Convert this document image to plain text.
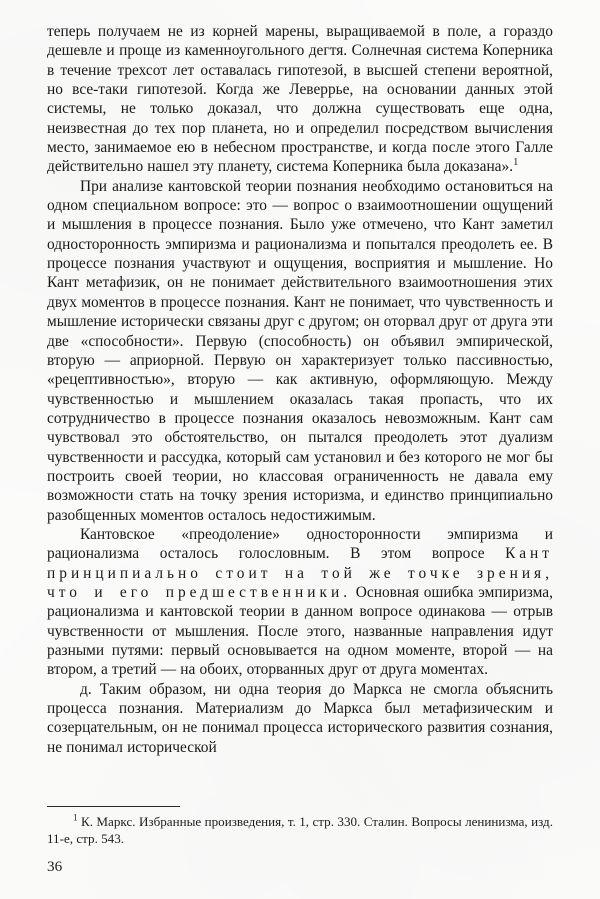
теперь получаем не из корней марены, выращиваемой в поле, а гораздо дешевле и проще из каменноугольного дегтя. Солнечная система Коперника в течение трехсот лет оставалась гипотезой, в высшей степени вероятной, но все-таки гипотезой. Когда же Леверрье, на основании данных этой системы, не только доказал, что должна существовать еще одна, неизвестная до тех пор планета, но и определил посредством вычисления место, занимаемое ею в небесном пространстве, и когда после этого Галле действительно нашел эту планету, система Коперника была доказана».$^1$

При анализе кантовской теории познания необходимо остановиться на одном специальном вопросе: это — вопрос о взаимоотношении ощущений и мышления в процессе познания. Было уже отмечено, что Кант заметил односторонность эмпиризма и рационализма и попытался преодолеть ее. В процессе познания участвуют и ощущения, восприятия и мышление. Но Кант метафизик, он не понимает действительного взаимоотношения этих двух моментов в процессе познания. Кант не понимает, что чувственность и мышление исторически связаны друг с другом; он оторвал друг от друга эти две «способности». Первую (способность) он объявил эмпирической, вторую — априорной. Первую он характеризует только пассивностью, «рецептивностью», вторую — как активную, оформляющую. Между чувственностью и мышлением оказалась такая пропасть, что их сотрудничество в процессе познания оказалось невозможным. Кант сам чувствовал это обстоятельство, он пытался преодолеть этот дуализм чувственности и рассудка, который сам установил и без которого не мог бы построить своей теории, но классовая ограниченность не давала ему возможности стать на точку зрения историзма, и единство принципиально разобщенных моментов осталось недостижимым.

Кантовское «преодоление» односторонности эмпиризма и рационализма осталось голословным. В этом вопросе Кант принципиально стоит на той же точке зрения, что и его предшественники. Основная ошибка эмпиризма, рационализма и кантовской теории в данном вопросе одинакова — отрыв чувственности от мышления. После этого, названные направления идут разными путями: первый основывается на одном моменте, второй — на втором, а третий — на обоих, оторванных друг от друга моментах.

д. Таким образом, ни одна теория до Маркса не смогла объяснить процесса познания. Материализм до Маркса был метафизическим и созерцательным, он не понимал процесса исторического развития сознания, не понимал исторической

$^1$ К. Маркс. Избранные произведения, т. 1, стр. 330. Сталин. Вопросы ленинизма, изд. 11-е, стр. 543.

36
